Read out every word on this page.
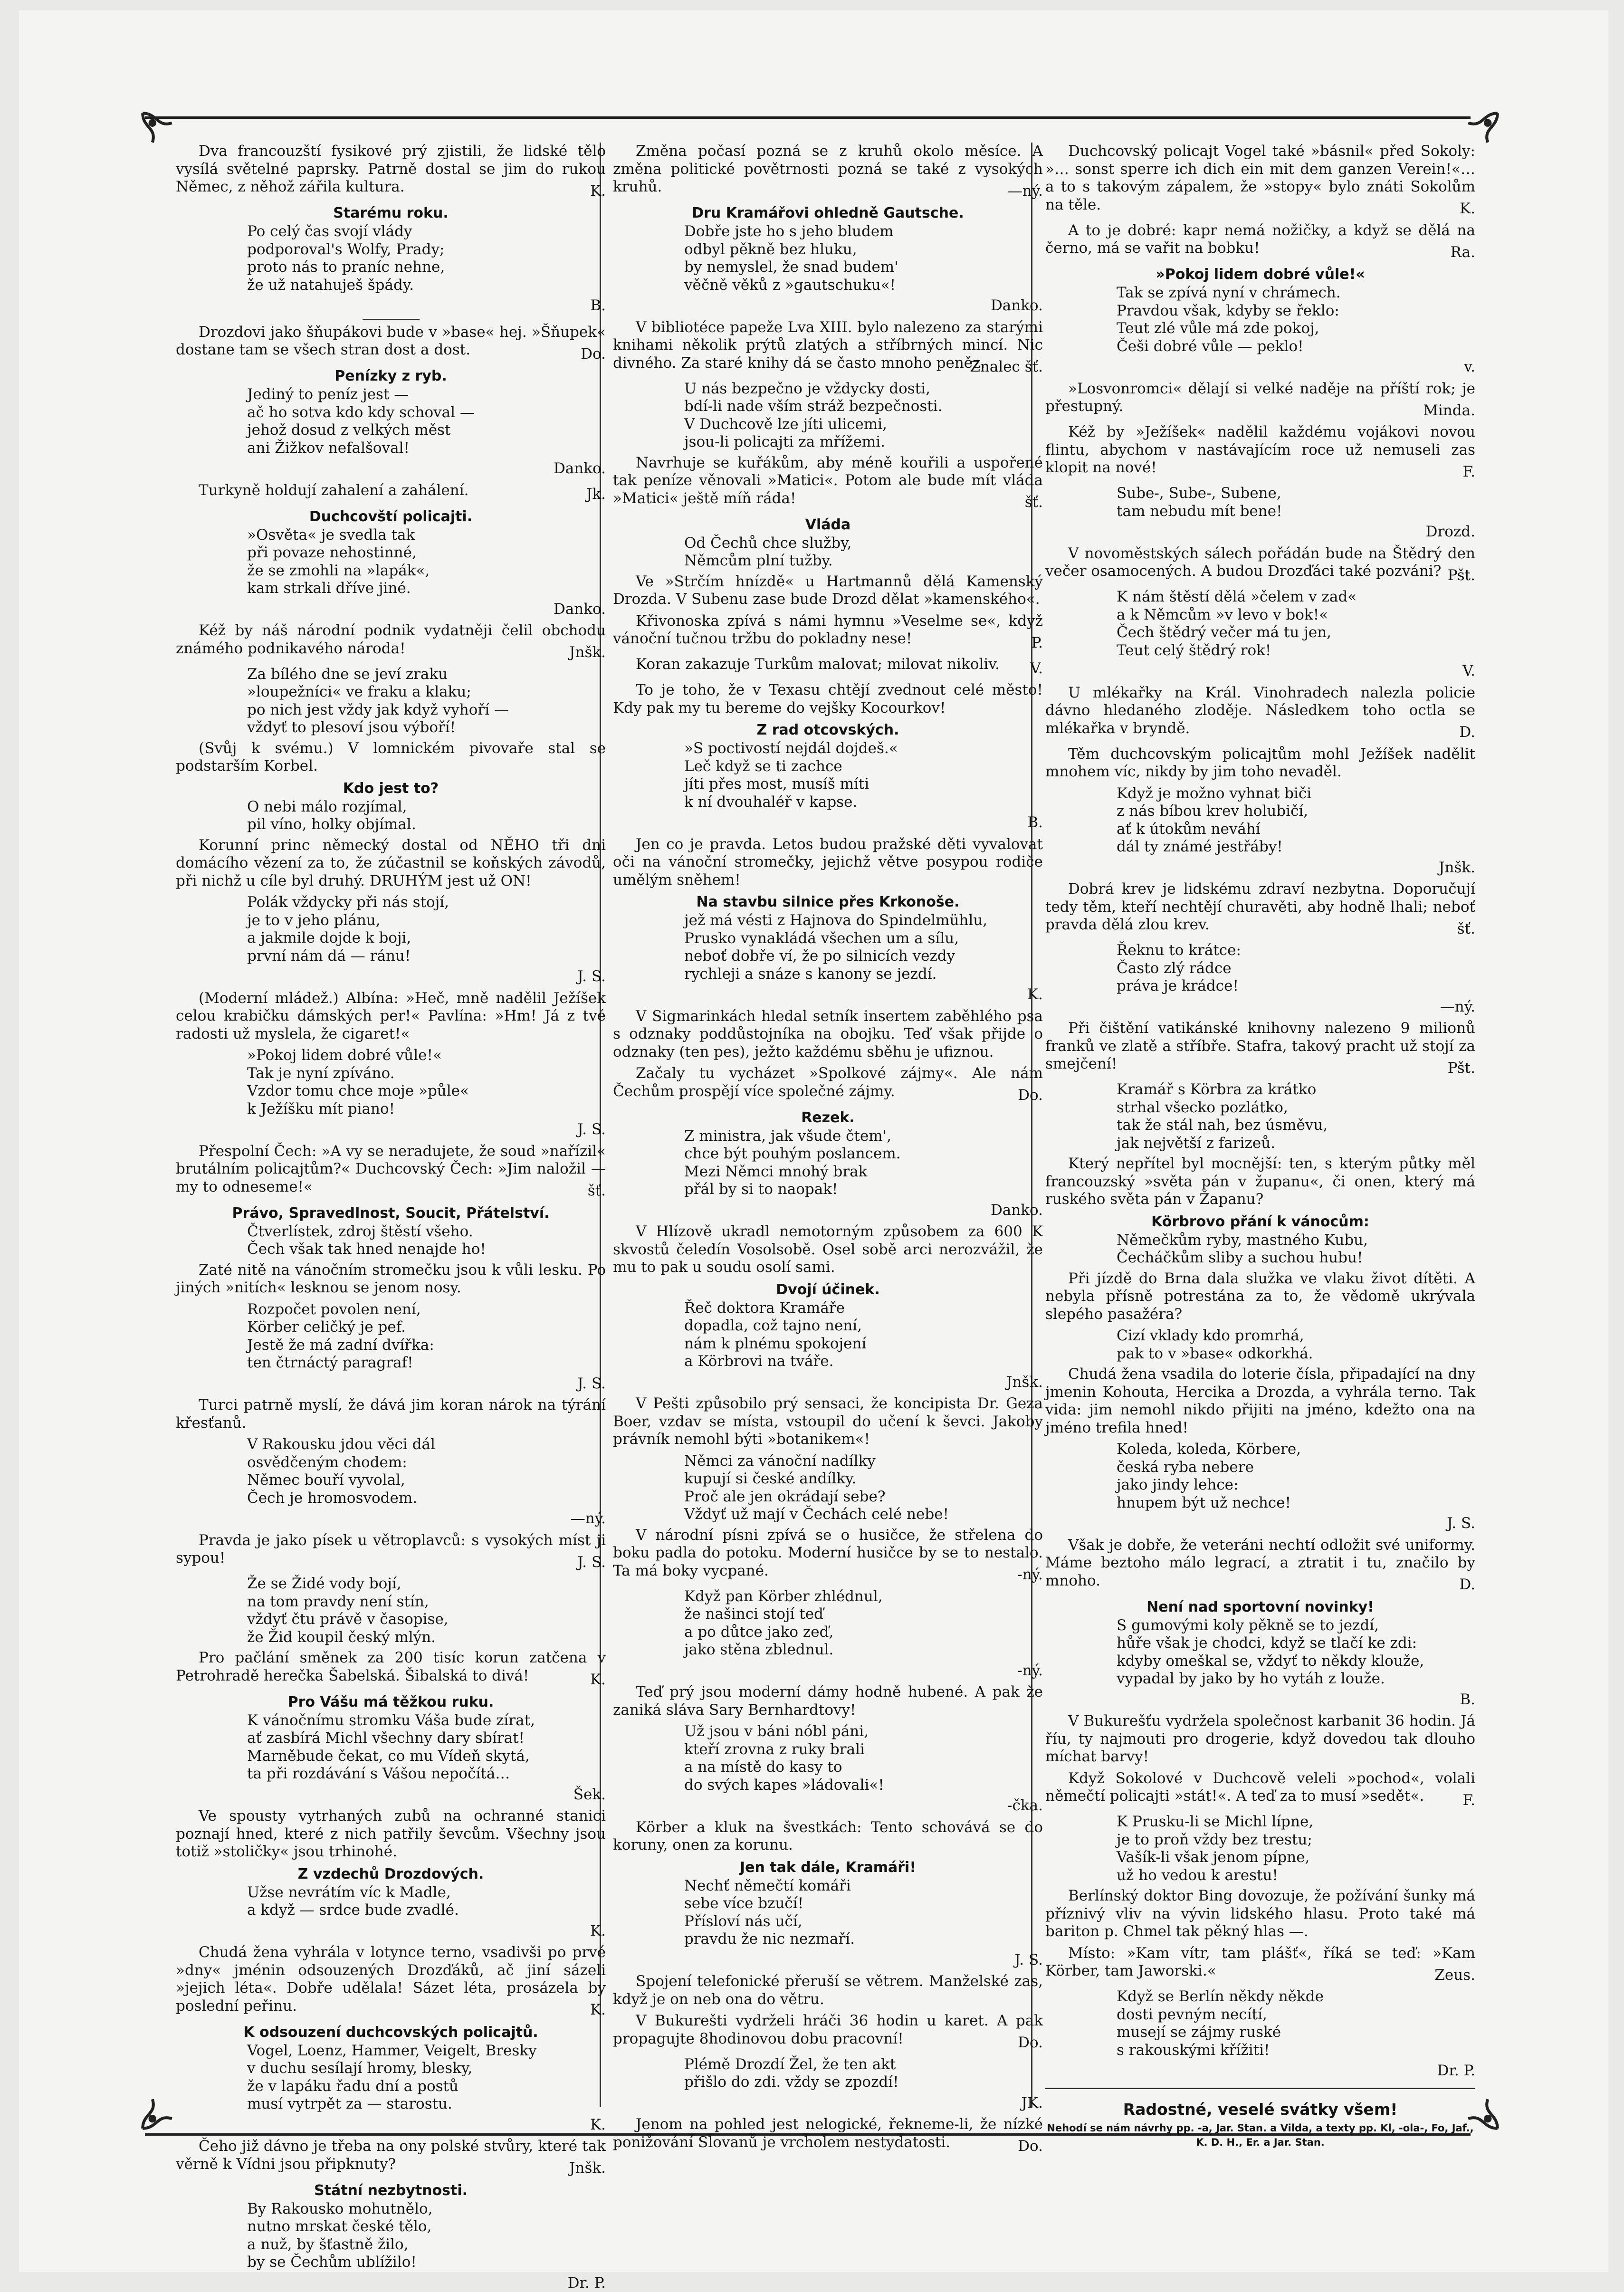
Dva francouzští fysikové prý zjistili, že lidské tělo vysílá světelné paprsky. Patrně dostal se jim do rukou Němec, z něhož zářila kultura.	K.
Starému roku.
Po celý čas svojí vlády
podporoval's Wolfy, Prady;
proto nás to praníc nehne,
že už natahuješ špády.
B.

Drozdovi jako šňupákovi bude v »base« hej. »Šňupek« dostane tam se všech stran dost a dost.	Do.
Penízky z ryb.
Jediný to peníz jest —
ač ho sotva kdo kdy schoval —
jehož dosud z velkých měst
ani Žižkov nefalšoval!
Danko.

Turkyně holdují zahalení a zahálení.	Jk.
Duchcovští policajti.
»Osvěta« je svedla tak
při povaze nehostinné,
že se zmohli na »lapák«,
kam strkali dříve jiné.
Danko.

Kéž by náš národní podnik vydatněji čelil obchodu známého podnikavého národa!	Jnšk.
Za bílého dne se jeví zraku
»loupežníci« ve fraku a klaku;
po nich jest vždy jak když vyhoří —
vždyť to plesoví jsou výboří!

(Svůj k svému.) V lomnickém pivovaře stal se podstarším Korbel.

Kdo jest to?
O nebi málo rozjímal,
pil víno, holky objímal.

Korunní princ německý dostal od NĚHO tři dni domácího vězení za to, že zúčastnil se koňských závodů, při nichž u cíle byl druhý. DRUHÝM jest už ON!

Polák vždycky při nás stojí,
je to v jeho plánu,
a jakmile dojde k boji,
první nám dá — ránu!
J. S.

(Moderní mládež.) Albína: »Heč, mně nadělil Ježíšek celou krabičku dámských per!« Pavlína: »Hm! Já z tvé radosti už myslela, že cigaret!«

»Pokoj lidem dobré vůle!«
Tak je nyní zpíváno.
Vzdor tomu chce moje »půle«
k Ježíšku mít piano!
J. S.

Přespolní Čech: »A vy se neradujete, že soud »nařízil« brutálním policajtům?« Duchcovský Čech: »Jim naložil — my to odneseme!«	šť.
Právo, Spravedlnost, Soucit, Přátelství.
Čtverlístek, zdroj štěstí všeho.
Čech však tak hned nenajde ho!

Zaté nitě na vánočním stromečku jsou k vůli lesku. Po jiných »nitích« lesknou se jenom nosy.

Rozpočet povolen není,
Körber celičký je pef.
Jestě že má zadní dvířka:
ten čtrnáctý paragraf!
J. S.

Turci patrně myslí, že dává jim koran nárok na týrání křesťanů.

V Rakousku jdou věci dál
osvědčeným chodem:
Němec bouří vyvolal,
Čech je hromosvodem.
—ný.

Pravda je jako písek u větroplavců: s vysokých míst ji sypou!	J. S.
Že se Židé vody bojí,
na tom pravdy není stín,
vždyť čtu právě v časopise,
že Žid koupil český mlýn.

Pro pačlání směnek za 200 tisíc korun zatčena v Petrohradě herečka Šabelská. Šibalská to divá!	K.
Pro Vášu má těžkou ruku.
K vánočnímu stromku Váša bude zírat,
ať zasbírá Michl všechny dary sbírat!
Marněbude čekat, co mu Vídeň skytá,
ta při rozdávání s Vášou nepočítá…
Šek.

Ve spousty vytrhaných zubů na ochranné stanici poznají hned, které z nich patřily ševcům. Všechny jsou totiž »stoličky« jsou trhinohé.

Z vzdechů Drozdových.
Užse nevrátím víc k Madle,
a když — srdce bude zvadlé.
K.

Chudá žena vyhrála v lotynce terno, vsadivši po prvé »dny« jménin odsouzených Drozďáků, ač jiní sázeli »jejich léta«. Dobře udělala! Sázet léta, prosázela by poslední peřinu.	K.
K odsouzení duchcovských policajtů.
Vogel, Loenz, Hammer, Veigelt, Bresky
v duchu sesílají hromy, blesky,
že v lapáku řadu dní a postů
musí vytrpět za — starostu.
K.

Čeho již dávno je třeba na ony polské stvůry, které tak věrně k Vídni jsou připknuty?	Jnšk.
Státní nezbytnosti.
By Rakousko mohutnělo,
nutno mrskat české tělo,
a nuž, by šťastně žilo,
by se Čechům ublížilo!
Dr. P.

Změna počasí pozná se z kruhů okolo měsíce. A změna politické povětrnosti pozná se také z vysokých kruhů.	—ný.
Dru Kramářovi ohledně Gautsche.
Dobře jste ho s jeho bludem
odbyl pěkně bez hluku,
by nemyslel, že snad budem'
věčně věků z »gautschuku«!
Danko.

V bibliotéce papeže Lva XIII. bylo nalezeno za starými knihami několik prýtů zlatých a stříbrných mincí. Nic divného. Za staré knihy dá se často mnoho peněz.

Znalec šť.
U nás bezpečno je vždycky dosti,
bdí-li nade vším stráž bezpečnosti.
V Duchcově lze jíti ulicemi,
jsou-li policajti za mřížemi.

Navrhuje se kuřákům, aby méně kouřili a uspořené tak peníze věnovali »Matici«. Potom ale bude mít vláda »Matici« ještě míň ráda!	šť.
Vláda
Od Čechů chce služby,
Němcům plní tužby.

Ve »Strčím hnízdě« u Hartmannů dělá Kamenský Drozda. V Subenu zase bude Drozd dělat »kamenského«.

Křivonoska zpívá s námi hymnu »Veselme se«, když vánoční tučnou tržbu do pokladny nese!	P.

Koran zakazuje Turkům malovat; milovat nikoliv.	V.

To je toho, že v Texasu chtějí zvednout celé město! Kdy pak my tu bereme do vejšky Kocourkov!

Z rad otcovských.
»S poctivostí nejdál dojdeš.«
Leč když se ti zachce
jíti přes most, musíš míti
k ní dvouhaléř v kapse.
B.

Jen co je pravda. Letos budou pražské děti vyvalovat oči na vánoční stromečky, jejichž větve posypou rodiče umělým sněhem!

Na stavbu silnice přes Krkonoše.
jež má vésti z Hajnova do Spindelmühlu,
Prusko vynakládá všechen um a sílu,
neboť dobře ví, že po silnicích vezdy
rychleji a snáze s kanony se jezdí.
K.

V Sigmarinkách hledal setník insertem zaběhlého psa s odznaky poddůstojníka na obojku. Teď však přijde o odznaky (ten pes), ježto každému sběhu je ufiznou.

Začaly tu vycházet »Spolkové zájmy«. Ale nám Čechům prospějí více společné zájmy.	Do.
Rezek.
Z ministra, jak všude čtem',
chce být pouhým poslancem.
Mezi Němci mnohý brak
přál by si to naopak!
Danko.

V Hlízově ukradl nemotorným způsobem za 600 K skvostů čeledín Vosolsobě. Osel sobě arci nerozvážil, že mu to pak u soudu osolí sami.

Dvojí účinek.
Řeč doktora Kramáře
dopadla, což tajno není,
nám k plnému spokojení
a Körbrovi na tváře.
Jnšk.

V Pešti způsobilo prý sensaci, že koncipista Dr. Geza Boer, vzdav se místa, vstoupil do učení k ševci. Jakoby právník nemohl býti »botanikem«!

Němci za vánoční nadílky
kupují si české andílky.
Proč ale jen okrádají sebe?
Vždyť už mají v Čechách celé nebe!

V národní písni zpívá se o husičce, že střelena do boku padla do potoku. Moderní husičce by se to nestalo. Ta má boky vycpané.	-ný.
Když pan Körber zhlédnul,
že našinci stojí teď
a po důtce jako zeď,
jako stěna zblednul.
-ný.

Teď prý jsou moderní dámy hodně hubené. A pak že zaniká sláva Sary Bernhardtovy!

Už jsou v báni nóbl páni,
kteří zrovna z ruky brali
a na místě do kasy to
do svých kapes »ládovali«!
-čka.

Körber a kluk na švestkách: Tento schovává se do koruny, onen za korunu.

Jen tak dále, Kramáři!
Nechť němečtí komáři
sebe více bzučí!
Přísloví nás učí,
pravdu že nic nezmaří.
J. S.

Spojení telefonické přeruší se větrem. Manželské zas, když je on neb ona do větru.

V Bukurešti vydrželi hráči 36 hodin u karet. A pak propagujte 8hodinovou dobu pracovní!	Do.
Plémě Drozdí Žel, že ten akt
přišlo do zdi. vždy se zpozdí!
JK.

Jenom na pohled jest nelogické, řekneme-li, že nízké ponižování Slovanů je vrcholem nestydatosti.	Do.

Duchcovský policajt Vogel také »básnil« před Sokoly: »… sonst sperre ich dich ein mit dem ganzen Verein!«… a to s takovým zápalem, že »stopy« bylo znáti Sokolům na těle.	K.

A to je dobré: kapr nemá nožičky, a když se dělá na černo, má se vařit na bobku!	Ra.
»Pokoj lidem dobré vůle!«
Tak se zpívá nyní v chrámech.
Pravdou však, kdyby se řeklo:
Teut zlé vůle má zde pokoj,
Češi dobré vůle — peklo!
v.

»Losvonromci« dělají si velké naděje na příští rok; je přestupný.	Minda.

Kéž by »Ježíšek« nadělil každému vojákovi novou flintu, abychom v nastávajícím roce už nemuseli zas klopit na nové!	F.
Sube-, Sube-, Subene,
tam nebudu mít bene!
Drozd.

V novoměstských sálech pořádán bude na Štědrý den večer osamocených. A budou Drozďáci také pozváni? Pšt.
K nám štěstí dělá »čelem v zad«
a k Němcům »v levo v bok!«
Čech štědrý večer má tu jen,
Teut celý štědrý rok!
V.

U mlékařky na Král. Vinohradech nalezla policie dávno hledaného zloděje. Následkem toho octla se mlékařka v bryndě.	D.

Těm duchcovským policajtům mohl Ježíšek nadělit mnohem víc, nikdy by jim toho nevaděl.

Když je možno vyhnat biči
z nás bíbou krev holubičí,
ať k útokům neváhí
dál ty známé jestřáby!
Jnšk.

Dobrá krev je lidskému zdraví nezbytna. Doporučují tedy těm, kteří nechtějí churavěti, aby hodně lhali; neboť pravda dělá zlou krev.	šť.
Řeknu to krátce:
Často zlý rádce
práva je krádce!
—ný.

Při čištění vatikánské knihovny nalezeno 9 milionů franků ve zlatě a stříbře. Stafra, takový pracht už stojí za smejčení!	Pšt.
Kramář s Körbra za krátko
strhal všecko pozlátko,
tak že stál nah, bez úsměvu,
jak největší z farizeů.

Který nepřítel byl mocnější: ten, s kterým půtky měl francouzský »světa pán v županu«, či onen, který má ruského světa pán v Žapanu?

Körbrovo přání k vánocům:
Němečkům ryby, mastného Kubu,
Čecháčkům sliby a suchou hubu!

Při jízdě do Brna dala služka ve vlaku život dítěti. A nebyla přísně potrestána za to, že vědomě ukrývala slepého pasažéra?

Cizí vklady kdo promrhá,
pak to v »base« odkorkhá.

Chudá žena vsadila do loterie čísla, připadající na dny jmenin Kohouta, Hercika a Drozda, a vyhrála terno. Tak vida: jim nemohl nikdo přijiti na jméno, kdežto ona na jméno trefila hned!

Koleda, koleda, Körbere,
česká ryba nebere
jako jindy lehce:
hnupem být už nechce!
J. S.

Však je dobře, že veteráni nechtí odložit své uniformy. Máme beztoho málo legrací, a ztratit i tu, značilo by mnoho.	D.
Není nad sportovní novinky!
S gumovými koly pěkně se to jezdí,
hůře však je chodci, když se tlačí ke zdi:
kdyby omeškal se, vždyť to někdy klouže,
vypadal by jako by ho vytáh z louže.
B.

V Bukurešťu vydržela společnost karbanit 36 hodin. Já říu, ty najmouti pro drogerie, když dovedou tak dlouho míchat barvy!

Když Sokolové v Duchcově veleli »pochod«, volali němečtí policajti »stát!«. A teď za to musí »sedět«.	F.
K Prusku-li se Michl lípne,
je to proň vždy bez trestu;
Vašík-li však jenom pípne,
už ho vedou k arestu!

Berlínský doktor Bing dovozuje, že požívání šunky má příznivý vliv na vývin lidského hlasu. Proto také má bariton p. Chmel tak pěkný hlas —.

Místo: »Kam vítr, tam plášť«, říká se teď: »Kam Körber, tam Jaworski.«	Zeus.
Když se Berlín někdy někde
dosti pevným necítí,
musejí se zájmy ruské
s rakouskými křížiti!
Dr. P.
Radostné, veselé svátky všem!
Nehodí se nám návrhy pp. -a, Jar. Stan. a Vilda, a texty pp. Kl, -ola-, Fo, Jaf., K. D. H., Er. a Jar. Stan.
